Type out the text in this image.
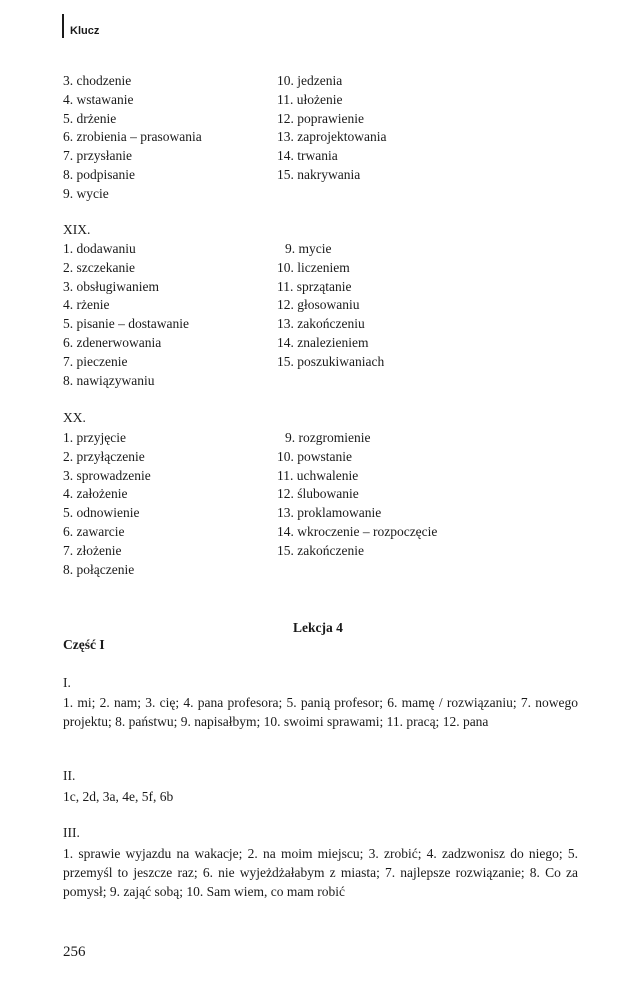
Klucz
3. chodzenie
4. wstawanie
5. drżenie
6. zrobienia – prasowania
7. przysłanie
8. podpisanie
9. wycie
10. jedzenia
11. ułożenie
12. poprawienie
13. zaprojektowania
14. trwania
15. nakrywania
XIX.
1. dodawaniu
2. szczekanie
3. obsługiwaniem
4. rżenie
5. pisanie – dostawanie
6. zdenerwowania
7. pieczenie
8. nawiązywaniu
9. mycie
10. liczeniem
11. sprzątanie
12. głosowaniu
13. zakończeniu
14. znalezieniem
15. poszukiwaniach
XX.
1. przyjęcie
2. przyłączenie
3. sprowadzenie
4. założenie
5. odnowienie
6. zawarcie
7. złożenie
8. połączenie
9. rozgromienie
10. powstanie
11. uchwalenie
12. ślubowanie
13. proklamowanie
14. wkroczenie – rozpoczęcie
15. zakończenie
Lekcja 4
Część I
I.
1. mi; 2. nam; 3. cię; 4. pana profesora; 5. panią profesor; 6. mamę / rozwiązaniu; 7. nowego projektu; 8. państwu; 9. napisałbym; 10. swoimi sprawami; 11. pracą; 12. pana
II.
1c, 2d, 3a, 4e, 5f, 6b
III.
1. sprawie wyjazdu na wakacje; 2. na moim miejscu; 3. zrobić; 4. zadzwonisz do niego; 5. przemyśl to jeszcze raz; 6. nie wyjeżdżałabym z miasta; 7. najlepsze rozwiązanie; 8. Co za pomysł; 9. zająć sobą; 10. Sam wiem, co mam robić
256
